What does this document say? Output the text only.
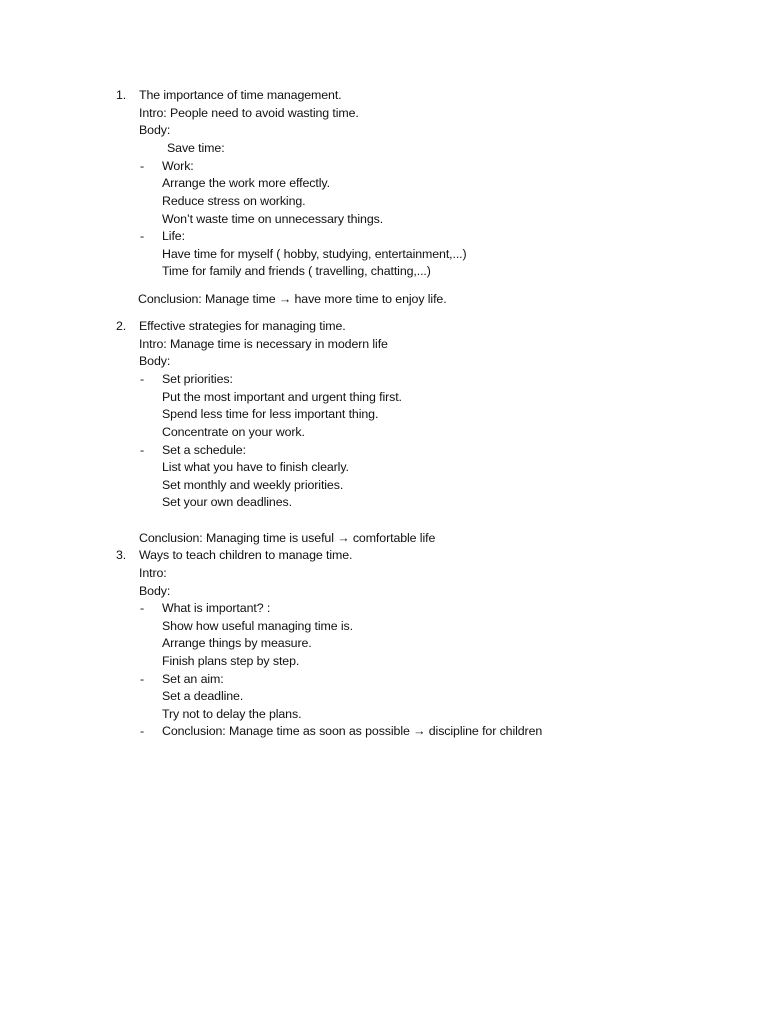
1. The importance of time management.
Intro: People need to avoid wasting time.
Body:
Save time:
- Work:
Arrange the work more effectly.
Reduce stress on working.
Won’t waste time on unnecessary things.
- Life:
Have time for myself ( hobby, studying, entertainment,...)
Time for family and friends ( travelling, chatting,...)
Conclusion: Manage time → have more time to enjoy life.
2. Effective strategies for managing time.
Intro: Manage time is necessary in modern life
Body:
- Set priorities:
Put the most important and urgent thing first.
Spend less time for less important thing.
Concentrate on your work.
- Set a schedule:
List what you have to finish clearly.
Set monthly and weekly priorities.
Set your own deadlines.
Conclusion: Managing time is useful → comfortable life
3. Ways to teach children to manage time.
Intro:
Body:
- What is important? :
Show how useful managing time is.
Arrange things by measure.
Finish plans step by step.
- Set an aim:
Set a deadline.
Try not to delay the plans.
- Conclusion: Manage time as soon as possible → discipline for children
